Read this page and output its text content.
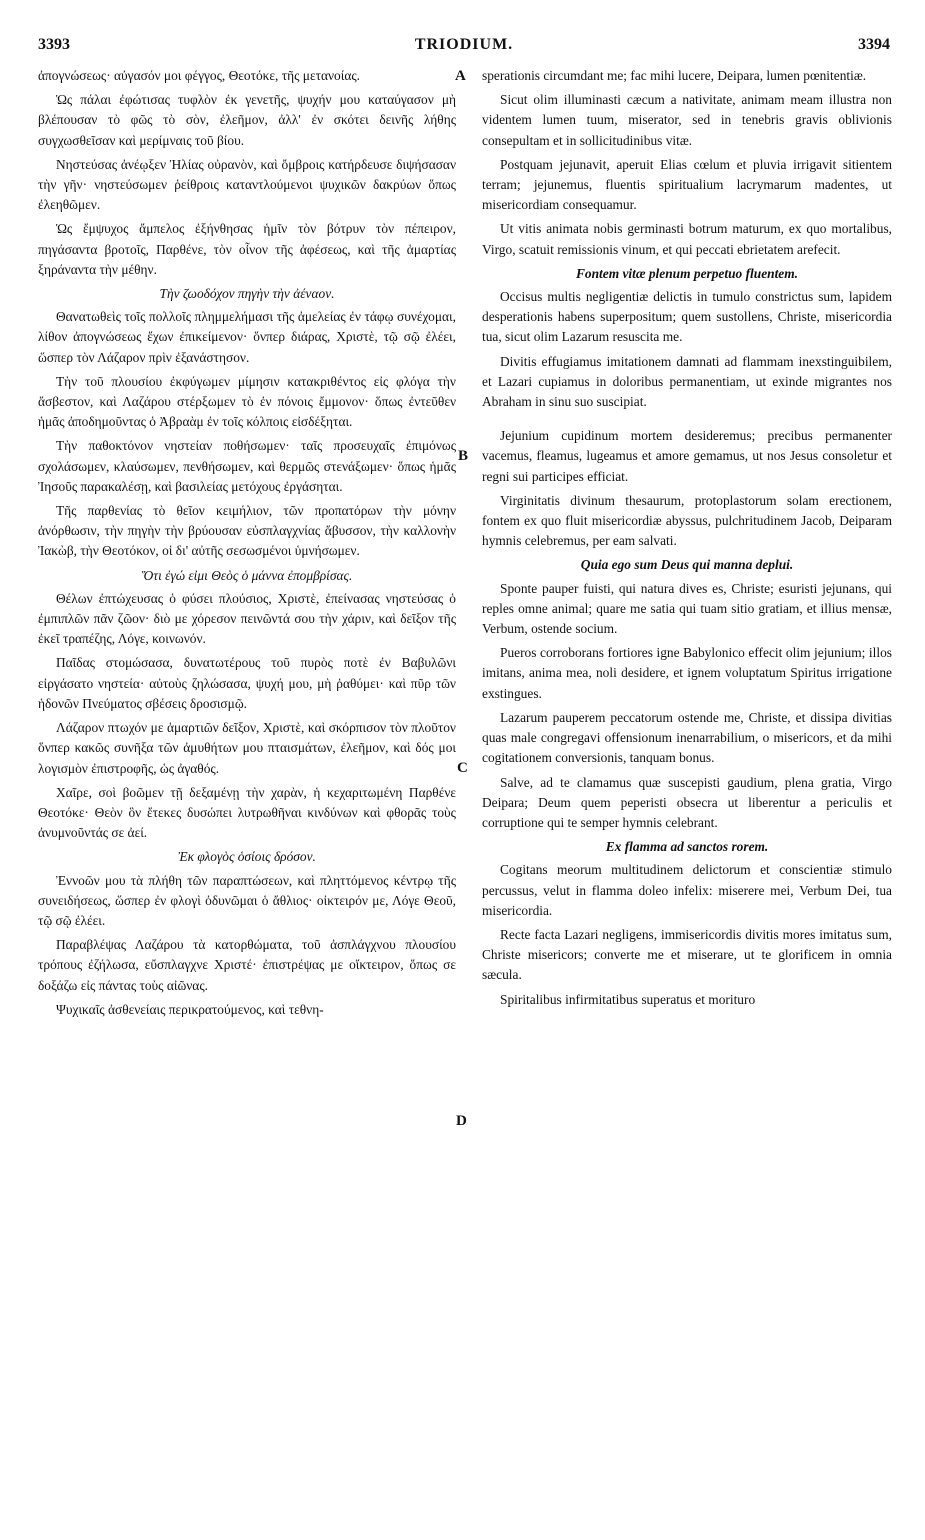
3393	TRIODIUM.	3394

ἀπογνώσεως· αὐγασόν μοι φέγγος, Θεοτόκε, τῆς μετανοίας.

Ὡς πάλαι ἐφώτισας τυφλὸν ἐκ γενετῆς, ψυχήν μου καταύγασον μὴ βλέπουσαν τὸ φῶς τὸ σὸν, ἐλεῆμον, ἀλλ' ἐν σκότει δεινῆς λήθης συγχωσθεῖσαν καὶ μερίμναις τοῦ βίου.

Νηστεύσας ἀνέῳξεν Ἠλίας οὐρανὸν, καὶ ὄμβροις κατήρδευσε διψήσασαν τὴν γῆν· νηστεύσωμεν ῥείθροις καταντλούμενοι ψυχικῶν δακρύων ὅπως ἐλεηθῶμεν.

Ὡς ἔμψυχος ἄμπελος ἐξήνθησας ἡμῖν τὸν βότρυν τὸν πέπειρον, πηγάσαντα βροτοῖς, Παρθένε, τὸν οἶνον τῆς ἀφέσεως, καὶ τῆς ἁμαρτίας ξηράναντα τὴν μέθην.

Τὴν ζωοδόχον πηγὴν τὴν ἀέναον.

Θανατωθεὶς τοῖς πολλοῖς πλημμελήμασι τῆς ἀμελείας ἐν τάφῳ συνέχομαι, λίθον ἀπογνώσεως ἔχων ἐπικείμενον· ὅνπερ διάρας, Χριστὲ, τῷ σῷ ἐλέει, ὥσπερ τὸν Λάζαρον πρὶν ἐξανάστησον.

Τὴν τοῦ πλουσίου ἐκφύγωμεν μίμησιν κατακριθέντος εἰς φλόγα τὴν ἄσβεστον, καὶ Λαζάρου στέρξωμεν τὸ ἐν πόνοις ἔμμονον· ὅπως ἐντεῦθεν ἡμᾶς ἀποδημοῦντας ὁ Ἀβραὰμ ἐν τοῖς κόλποις εἰσδέξηται.

Τὴν παθοκτόνον νηστείαν ποθήσωμεν· ταῖς προσευχαῖς ἐπιμόνως σχολάσωμεν, κλαύσωμεν, πενθήσωμεν, καὶ θερμῶς στενάξωμεν· ὅπως ἡμᾶς Ἰησοῦς παρακαλέσῃ, καὶ βασιλείας μετόχους ἐργάσηται.

Τῆς παρθενίας τὸ θεῖον κειμήλιον, τῶν προπατόρων τὴν μόνην ἀνόρθωσιν, τὴν πηγὴν τὴν βρύουσαν εὐσπλαγχνίας ἄβυσσον, τὴν καλλονὴν Ἰακὼβ, τὴν Θεοτόκον, οἱ δι' αὐτῆς σεσωσμένοι ὑμνήσωμεν.

Ὅτι ἐγώ εἰμι Θεὸς ὁ μάννα ἐπομβρίσας.

Θέλων ἐπτώχευσας ὁ φύσει πλούσιος, Χριστὲ, ἐπείνασας νηστεύσας ὁ ἐμπιπλῶν πᾶν ζῶον· διὸ με χόρεσον πεινῶντά σου τὴν χάριν, καὶ δεῖξον τῆς ἐκεῖ τραπέζης, Λόγε, κοινωνόν.

Παῖδας στομώσασα, δυνατωτέρους τοῦ πυρὸς ποτὲ ἐν Βαβυλῶνι εἰργάσατο νηστεία· αὐτοὺς ζηλώσασα, ψυχή μου, μὴ ῥαθύμει· καὶ πῦρ τῶν ἡδονῶν Πνεύματος σβέσεις δροσισμῷ.

Λάζαρον πτωχόν με ἁμαρτιῶν δεῖξον, Χριστὲ, καὶ σκόρπισον τὸν πλοῦτον ὅνπερ κακῶς συνῆξα τῶν ἀμυθήτων μου πταισμάτων, ἐλεῆμον, καὶ δός μοι λογισμὸν ἐπιστροφῆς, ὡς ἀγαθός.

Χαῖρε, σοὶ βοῶμεν τῇ δεξαμένῃ τὴν χαρὰν, ἡ κεχαριτωμένη Παρθένε Θεοτόκε· Θεὸν ὃν ἔτεκες δυσώπει λυτρωθῆναι κινδύνων καὶ φθορᾶς τοὺς ἀνυμνοῦντάς σε ἀεί.

Ἐκ φλογὸς ὁσίοις δρόσον.

Ἐννοῶν μου τὰ πλήθη τῶν παραπτώσεων, καὶ πληττόμενος κέντρῳ τῆς συνειδήσεως, ὥσπερ ἐν φλογὶ ὀδυνῶμαι ὁ ἄθλιος· οἰκτειρόν με, Λόγε Θεοῦ, τῷ σῷ ἐλέει.

Παραβλέψας Λαζάρου τὰ κατορθώματα, τοῦ ἀσπλάγχνου πλουσίου τρόπους ἐζήλωσα, εὔσπλαγχνε Χριστέ· ἐπιστρέψας με οἴκτειρον, ὅπως σε δοξάζω εἰς πάντας τοὺς αἰῶνας.

Ψυχικαῖς ἀσθενείαις περικρατούμενος, καὶ τεθνη-

sperationis circumdant me; fac mihi lucere, Deipara, lumen pœnitentiæ.

Sicut olim illuminasti cæcum a nativitate, animam meam illustra non videntem lumen tuum, miserator, sed in tenebris gravis oblivionis consepultam et in sollicitudinibus vitæ.

Postquam jejunavit, aperuit Elias cœlum et pluvia irrigavit sitientem terram; jejunemus, fluentis spiritualium lacrymarum madentes, ut misericordiam consequamur.

Ut vitis animata nobis germinasti botrum maturum, ex quo mortalibus, Virgo, scatuit remissionis vinum, et qui peccati ebrietatem arefecit.

Fontem vitæ plenum perpetuo fluentem.

Occisus multis negligentiæ delictis in tumulo constrictus sum, lapidem desperationis habens superpositum; quem sustollens, Christe, misericordia tua, sicut olim Lazarum resuscita me.

Divitis effugiamus imitationem damnati ad flammam inexstinguibilem, et Lazari cupiamus in doloribus permanentiam, ut exinde migrantes nos Abraham in sinu suo suscipiat.

Jejunium cupidinum mortem desideremus; precibus permanenter vacemus, fleamus, lugeamus et amore gemamus, ut nos Jesus consoletur et regni sui participes efficiat.

Virginitatis divinum thesaurum, protoplastorum solam erectionem, fontem ex quo fluit misericordiæ abyssus, pulchritudinem Jacob, Deiparam hymnis celebremus, per eam salvati.

Quia ego sum Deus qui manna deplui.

Sponte pauper fuisti, qui natura dives es, Christe; esuristi jejunans, qui reples omne animal; quare me satia qui tuam sitio gratiam, et illius mensæ, Verbum, ostende socium.

Pueros corroborans fortiores igne Babylonico effecit olim jejunium; illos imitans, anima mea, noli desidere, et ignem voluptatum Spiritus irrigatione exstingues.

Lazarum pauperem peccatorum ostende me, Christe, et dissipa divitias quas male congregavi offensionum inenarrabilium, o misericors, et da mihi cogitationem conversionis, tanquam bonus.

Salve, ad te clamamus quæ suscepisti gaudium, plena gratia, Virgo Deipara; Deum quem peperisti obsecra ut liberentur a periculis et corruptione qui te semper hymnis celebrant.

Ex flamma ad sanctos rorem.

Cogitans meorum multitudinem delictorum et conscientiæ stimulo percussus, velut in flamma doleo infelix: miserere mei, Verbum Dei, tua misericordia.

Recte facta Lazari negligens, immisericordis divitis mores imitatus sum, Christe misericors; converte me et miserare, ut te glorificem in omnia sæcula.

Spiritalibus infirmitatibus superatus et morituro

A
B
C
D
